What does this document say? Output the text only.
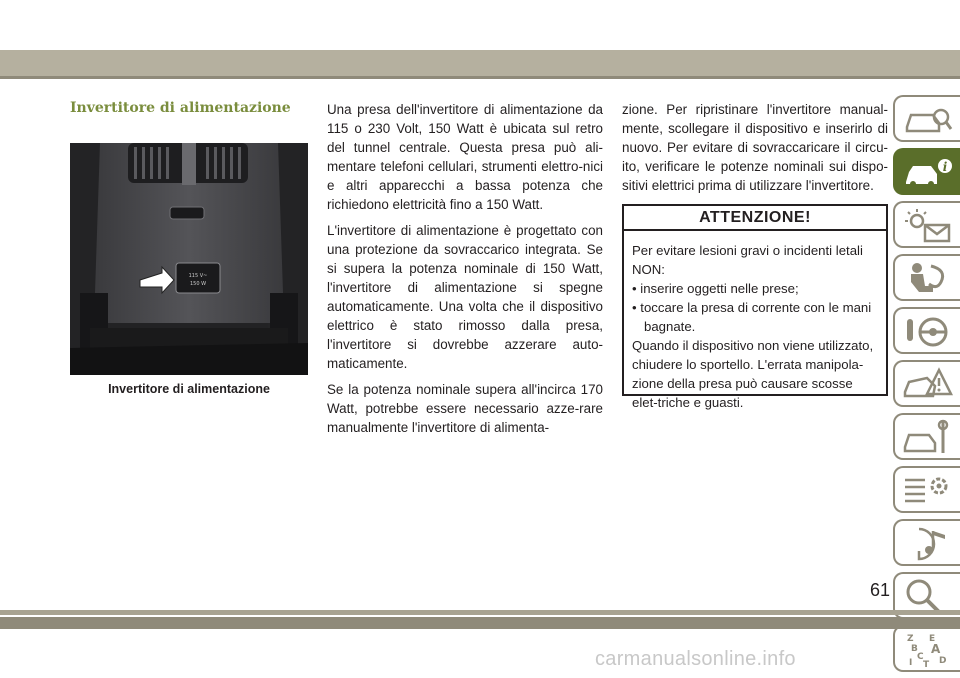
Invertitore di alimentazione
115 V~
150 W
Invertitore di alimentazione

Una presa dell'invertitore di alimentazione da 115 o 230 Volt, 150 Watt è ubicata sul retro del tunnel centrale. Questa presa può ali-mentare telefoni cellulari, strumenti elettro-nici e altri apparecchi a bassa potenza che richiedono elettricità fino a 150 Watt.

L'invertitore di alimentazione è progettato con una protezione da sovraccarico integrata. Se si supera la potenza nominale di 150 Watt, l'invertitore di alimentazione si spegne automaticamente. Una volta che il dispositivo elettrico è stato rimosso dalla presa, l'invertitore si dovrebbe azzerare auto-maticamente.

Se la potenza nominale supera all'incirca 170 Watt, potrebbe essere necessario azze-rare manualmente l'invertitore di alimenta-

zione. Per ripristinare l'invertitore manual-mente, scollegare il dispositivo e inserirlo di nuovo. Per evitare di sovraccaricare il circu-ito, verificare le potenze nominali sui dispo-sitivi elettrici prima di utilizzare l'invertitore.

ATTENZIONE!
Per evitare lesioni gravi o incidenti letali NON:
• inserire oggetti nelle prese;
• toccare la presa di corrente con le mani bagnate.
Quando il dispositivo non viene utilizzato, chiudere lo sportello. L'errata manipola-zione della presa può causare scosse elet-triche e guasti.
i
Z E
B A
C D
I T
61
carmanualsonline.info
